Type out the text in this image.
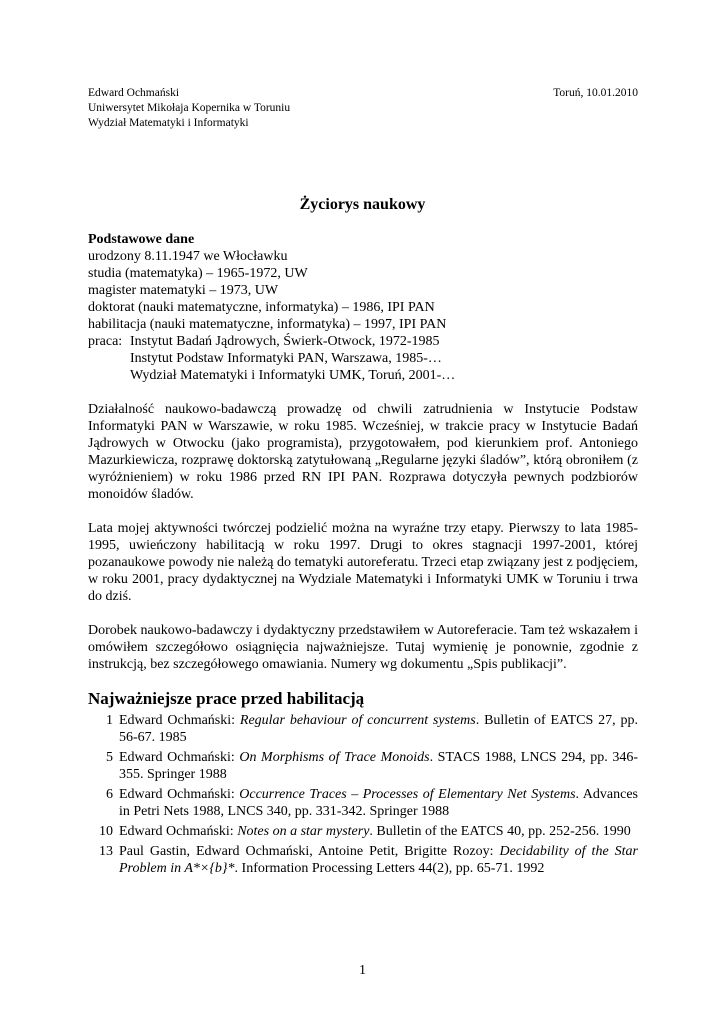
Edward Ochmański
Uniwersytet Mikołaja Kopernika w Toruniu
Wydział Matematyki i Informatyki
Toruń, 10.01.2010
Życiorys naukowy
Podstawowe dane
urodzony 8.11.1947 we Włocławku
studia (matematyka) – 1965-1972, UW
magister matematyki – 1973, UW
doktorat (nauki matematyczne, informatyka) – 1986, IPI PAN
habilitacja (nauki matematyczne, informatyka) – 1997, IPI PAN
praca: Instytut Badań Jądrowych, Świerk-Otwock, 1972-1985
Instytut Podstaw Informatyki PAN, Warszawa, 1985-…
Wydział Matematyki i Informatyki UMK, Toruń, 2001-…

Działalność naukowo-badawczą prowadzę od chwili zatrudnienia w Instytucie Podstaw Informatyki PAN w Warszawie, w roku 1985. Wcześniej, w trakcie pracy w Instytucie Badań Jądrowych w Otwocku (jako programista), przygotowałem, pod kierunkiem prof. Antoniego Mazurkiewicza, rozprawę doktorską zatytułowaną „Regularne języki śladów”, którą obroniłem (z wyróżnieniem) w roku 1986 przed RN IPI PAN. Rozprawa dotyczyła pewnych podzbiorów monoidów śladów.

Lata mojej aktywności twórczej podzielić można na wyraźne trzy etapy. Pierwszy to lata 1985-1995, uwieńczony habilitacją w roku 1997. Drugi to okres stagnacji 1997-2001, której pozanaukowe powody nie należą do tematyki autoreferatu. Trzeci etap związany jest z podjęciem, w roku 2001, pracy dydaktycznej na Wydziale Matematyki i Informatyki UMK w Toruniu i trwa do dziś.

Dorobek naukowo-badawczy i dydaktyczny przedstawiłem w Autoreferacie. Tam też wskazałem i omówiłem szczegółowo osiągnięcia najważniejsze. Tutaj wymienię je ponownie, zgodnie z instrukcją, bez szczegółowego omawiania. Numery wg dokumentu „Spis publikacji”.

Najważniejsze prace przed habilitacją
1 Edward Ochmański: Regular behaviour of concurrent systems. Bulletin of EATCS 27, pp. 56-67. 1985
5 Edward Ochmański: On Morphisms of Trace Monoids. STACS 1988, LNCS 294, pp. 346-355. Springer 1988
6 Edward Ochmański: Occurrence Traces – Processes of Elementary Net Systems. Advances in Petri Nets 1988, LNCS 340, pp. 331-342. Springer 1988
10 Edward Ochmański: Notes on a star mystery. Bulletin of the EATCS 40, pp. 252-256. 1990
13 Paul Gastin, Edward Ochmański, Antoine Petit, Brigitte Rozoy: Decidability of the Star Problem in A*×{b}*. Information Processing Letters 44(2), pp. 65-71. 1992
1
